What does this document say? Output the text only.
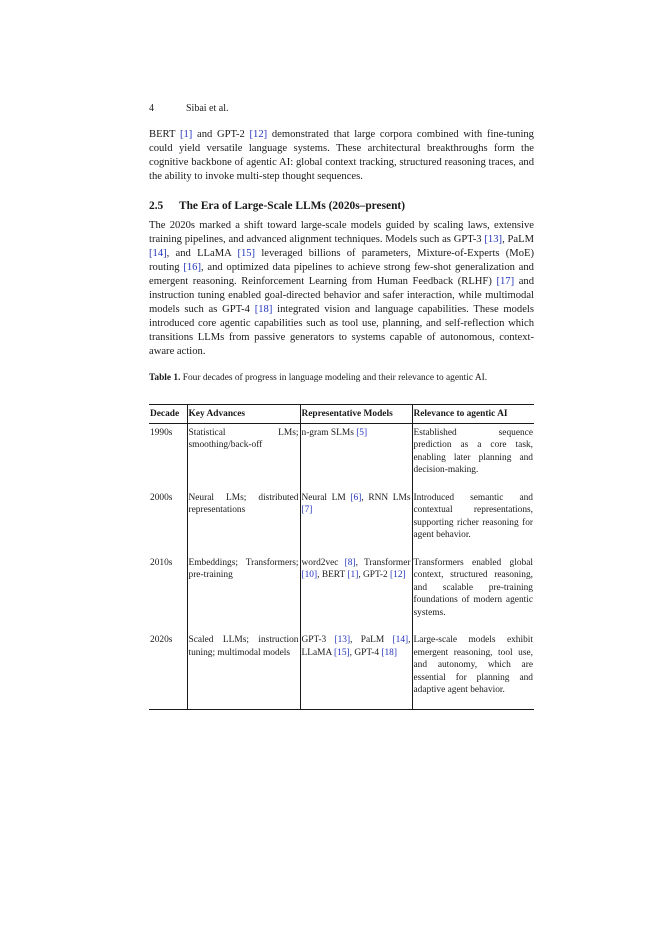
4	Sibai et al.

BERT [1] and GPT-2 [12] demonstrated that large corpora combined with fine-tuning could yield versatile language systems. These architectural breakthroughs form the cognitive backbone of agentic AI: global context tracking, structured reasoning traces, and the ability to invoke multi-step thought sequences.

2.5 The Era of Large-Scale LLMs (2020s–present)

The 2020s marked a shift toward large-scale models guided by scaling laws, extensive training pipelines, and advanced alignment techniques. Models such as GPT-3 [13], PaLM [14], and LLaMA [15] leveraged billions of parameters, Mixture-of-Experts (MoE) routing [16], and optimized data pipelines to achieve strong few-shot generalization and emergent reasoning. Reinforcement Learning from Human Feedback (RLHF) [17] and instruction tuning enabled goal-directed behavior and safer interaction, while multimodal models such as GPT-4 [18] integrated vision and language capabilities. These models introduced core agentic capabilities such as tool use, planning, and self-reflection which transitions LLMs from passive generators to systems capable of autonomous, context-aware action.

Table 1. Four decades of progress in language modeling and their relevance to agentic AI.
Decade	Key Advances	Representative Models	Relevance to agentic AI
1990s	Statistical LMs; smoothing/back-off	n-gram SLMs [5]	Established sequence prediction as a core task, enabling later planning and decision-making.
2000s	Neural LMs; distributed representations	Neural LM [6], RNN LMs [7]	Introduced semantic and contextual representations, supporting richer reasoning for agent behavior.
2010s	Embeddings; Transformers; pre-training	word2vec [8], Transformer [10], BERT [1], GPT-2 [12]	Transformers enabled global context, structured reasoning, and scalable pre-training foundations of modern agentic systems.
2020s	Scaled LLMs; instruction tuning; multimodal models	GPT-3 [13], PaLM [14], LLaMA [15], GPT-4 [18]	Large-scale models exhibit emergent reasoning, tool use, and autonomy, which are essential for planning and adaptive agent behavior.
